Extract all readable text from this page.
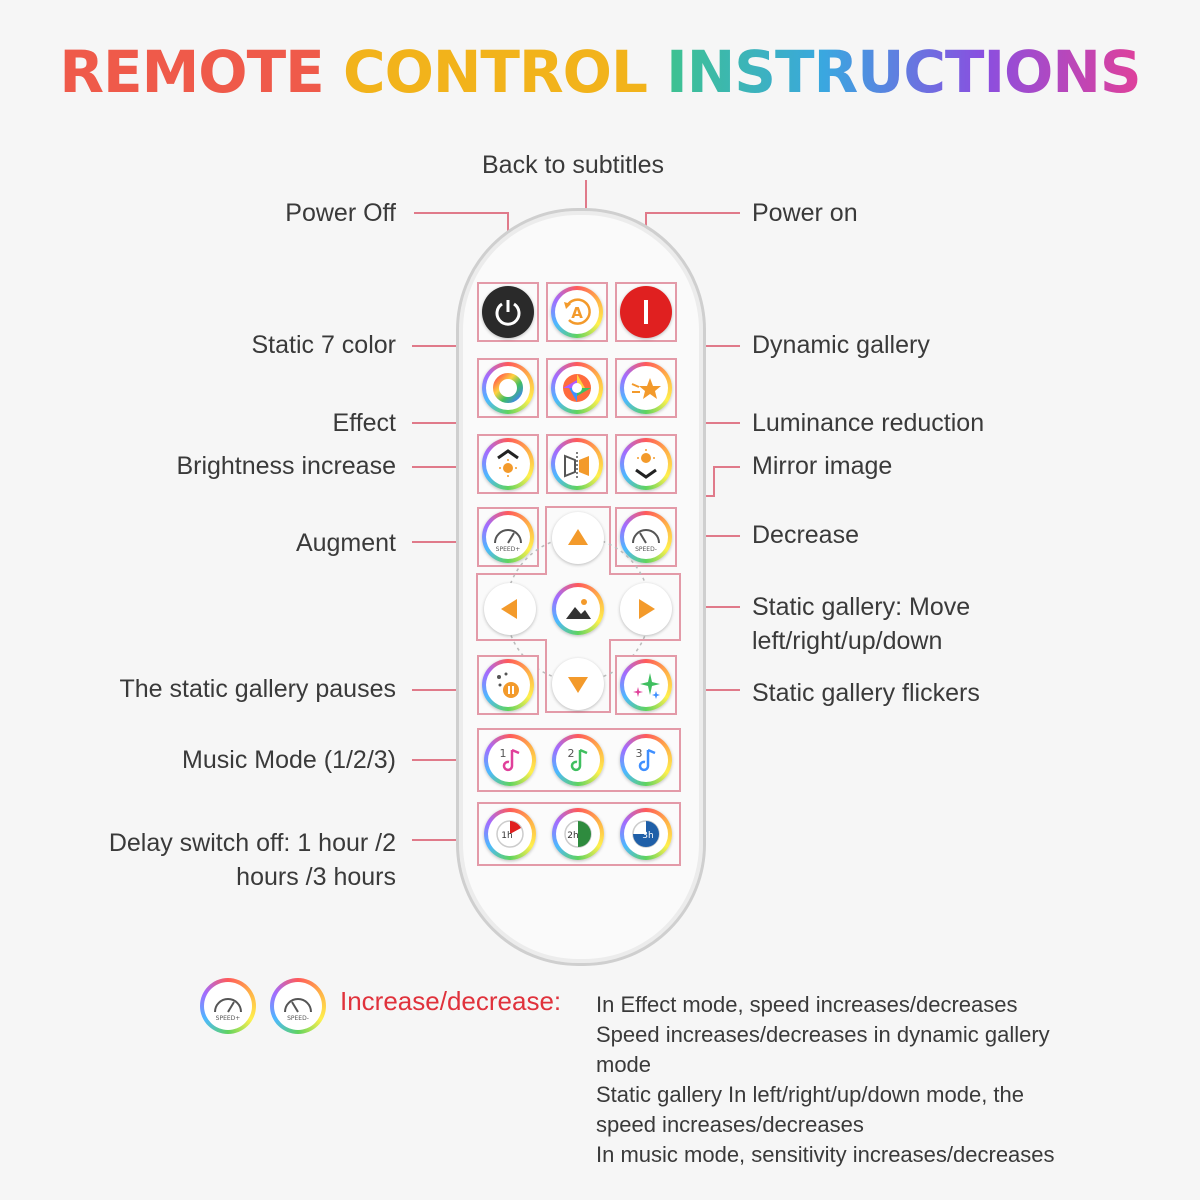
REMOTE CONTROL INSTRUCTIONS
Power Off
Back to subtitles
Power on
Static 7 color	Dynamic gallery
Effect	Luminance reduction
Brightness increase	Mirror image
Augment	Decrease
Static gallery: Move
left/right/up/down
The static gallery pauses	Static gallery flickers
Music Mode (1/2/3)
Delay switch off: 1 hour /2
hours /3 hours
A
SPEED+	SPEED-
1	2	3
1h	2h	3h
SPEED+	SPEED-
Increase/decrease: In Effect mode, speed increases/decreases
Speed increases/decreases in dynamic gallery
mode
Static gallery In left/right/up/down mode, the
speed increases/decreases
In music mode, sensitivity increases/decreases
